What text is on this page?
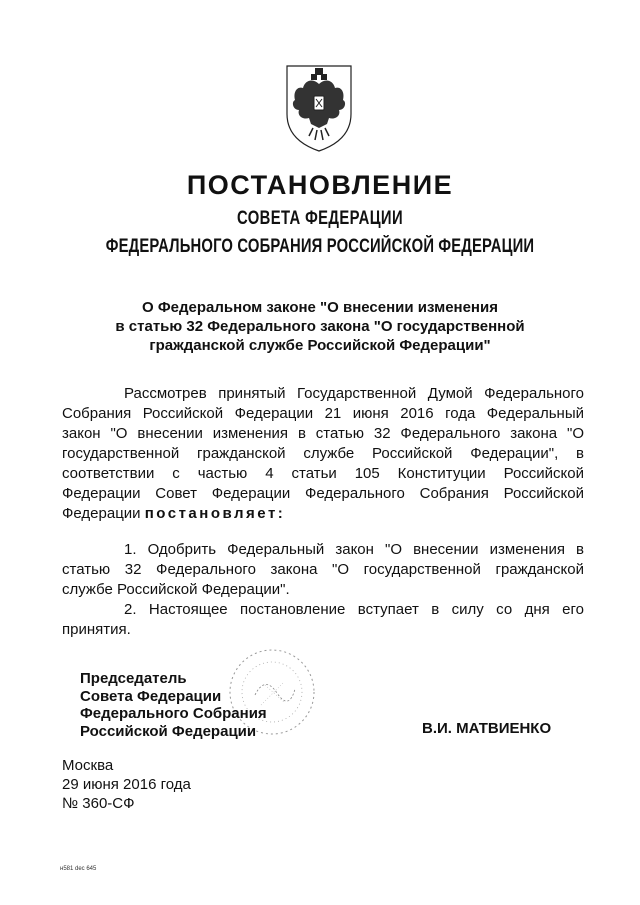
ПОСТАНОВЛЕНИЕ
СОВЕТА ФЕДЕРАЦИИ
ФЕДЕРАЛЬНОГО СОБРАНИЯ РОССИЙСКОЙ ФЕДЕРАЦИИ
О Федеральном законе "О внесении изменения
в статью 32 Федерального закона "О государственной
гражданской службе Российской Федерации"
Рассмотрев принятый Государственной Думой Федерального
Собрания Российской Федерации 21 июня 2016 года Федеральный
закон "О внесении изменения в статью 32 Федерального закона "О
государственной гражданской службе Российской Федерации", в
соответствии с частью 4 статьи 105 Конституции Российской
Федерации Совет Федерации Федерального Собрания Российской
Федерации постановляет:
1. Одобрить Федеральный закон "О внесении изменения в
статью 32 Федерального закона "О государственной гражданской
службе Российской Федерации".
2. Настоящее постановление вступает в силу со дня его
принятия.
Председатель
Совета Федерации
Федерального Собрания
Российской Федерации	В.И. МАТВИЕНКО
Москва
29 июня 2016 года
№ 360-СФ
н581 dec 645
